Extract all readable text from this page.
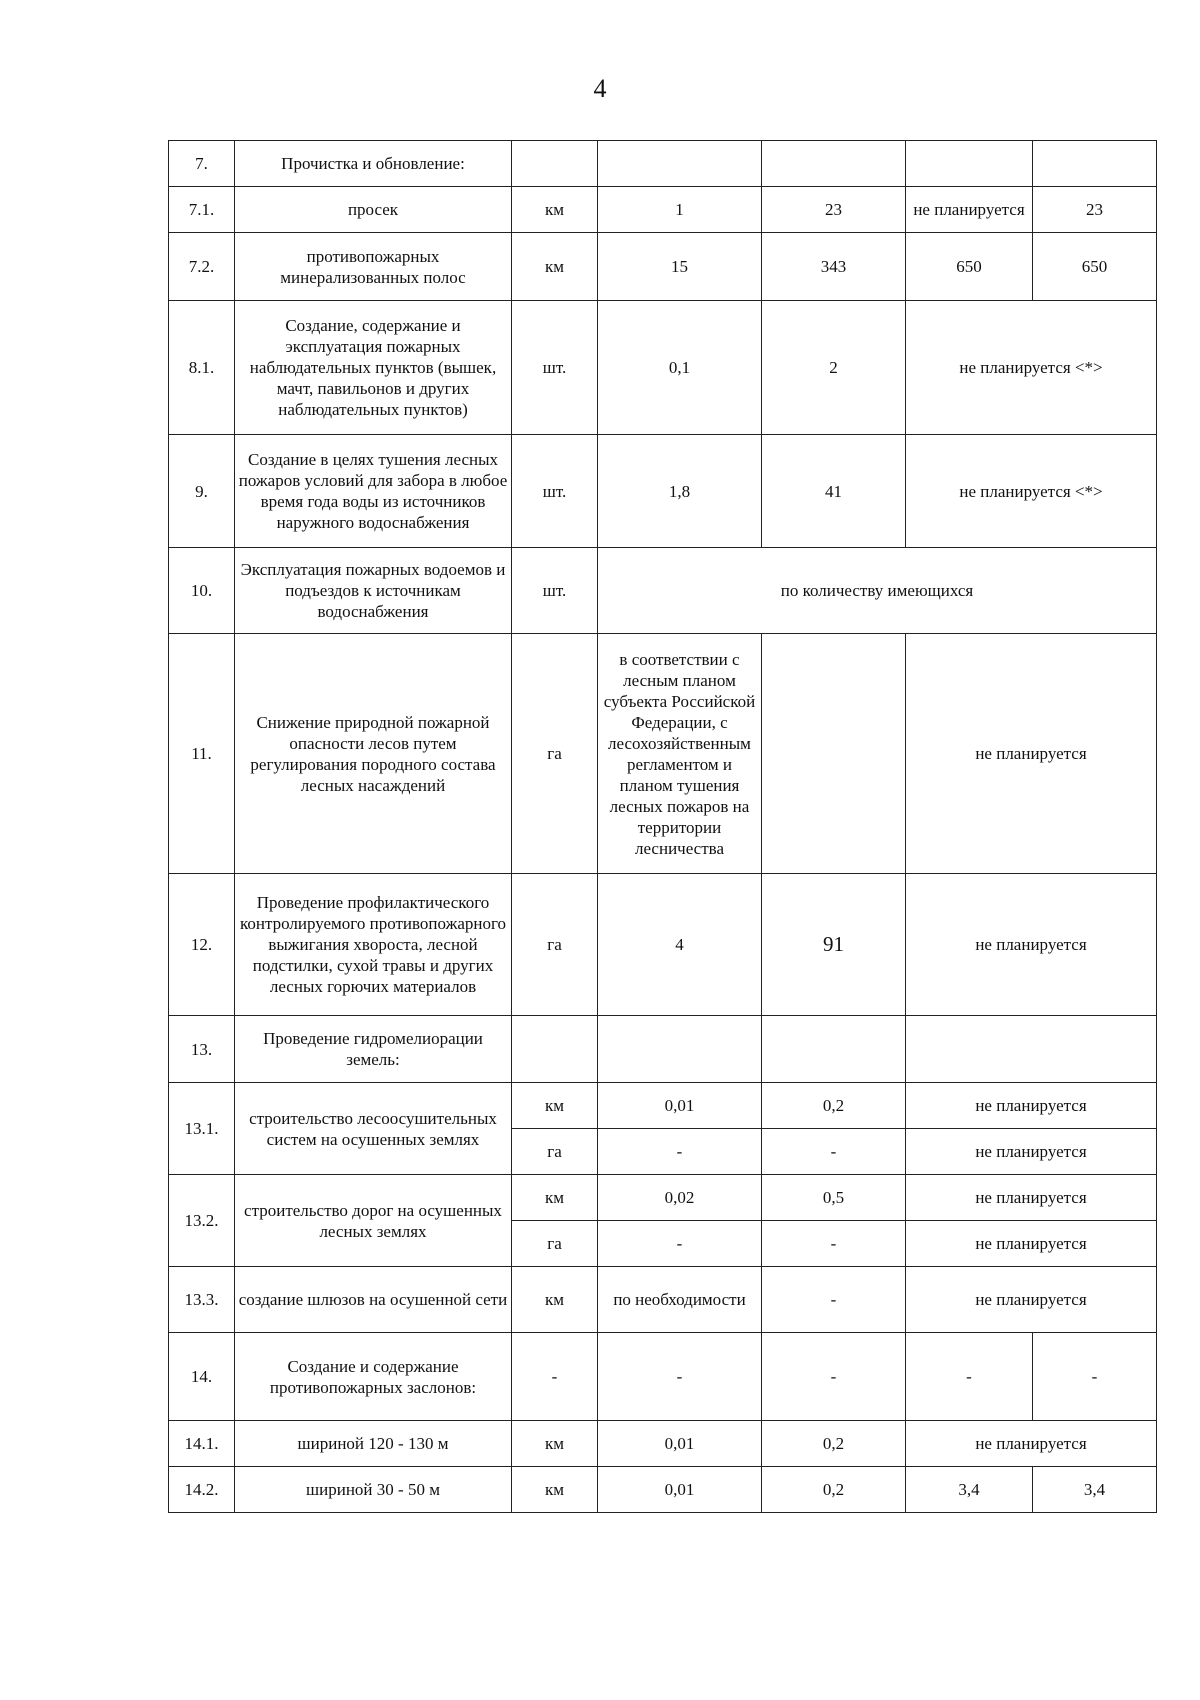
4
7.	Прочистка и обновление:					
7.1.	просек	км	1	23	не планируется	23
7.2.	противопожарных минерализованных полос	км	15	343	650	650
8.1.	Создание, содержание и эксплуатация пожарных наблюдательных пунктов (вышек, мачт, павильонов и других наблюдательных пунктов)	шт.	0,1	2	не планируется <*>	
9.	Создание в целях тушения лесных пожаров условий для забора в любое время года воды из источников наружного водоснабжения	шт.	1,8	41	не планируется <*>	
10.	Эксплуатация пожарных водоемов и подъездов к источникам водоснабжения	шт.	по количеству имеющихся			
11.	Снижение природной пожарной опасности лесов путем регулирования породного состава лесных насаждений	га	в соответствии с лесным планом субъекта Российской Федерации, с лесохозяйственным регламентом и планом тушения лесных пожаров на территории лесничества		не планируется	
12.	Проведение профилактического контролируемого противопожарного выжигания хвороста, лесной подстилки, сухой травы и других лесных горючих материалов	га	4	91	не планируется	
13.	Проведение гидромелиорации земель:					
13.1.	строительство лесоосушительных систем на осушенных землях	км	0,01	0,2	не планируется	
		га	-	-	не планируется	
13.2.	строительство дорог на осушенных лесных землях	км	0,02	0,5	не планируется	
		га	-	-	не планируется	
13.3.	создание шлюзов на осушенной сети	км	по необходимости	-	не планируется	
14.	Создание и содержание противопожарных заслонов:	-	-	-	-	-
14.1.	шириной 120 - 130 м	км	0,01	0,2	не планируется	
14.2.	шириной 30 - 50 м	км	0,01	0,2	3,4	3,4
